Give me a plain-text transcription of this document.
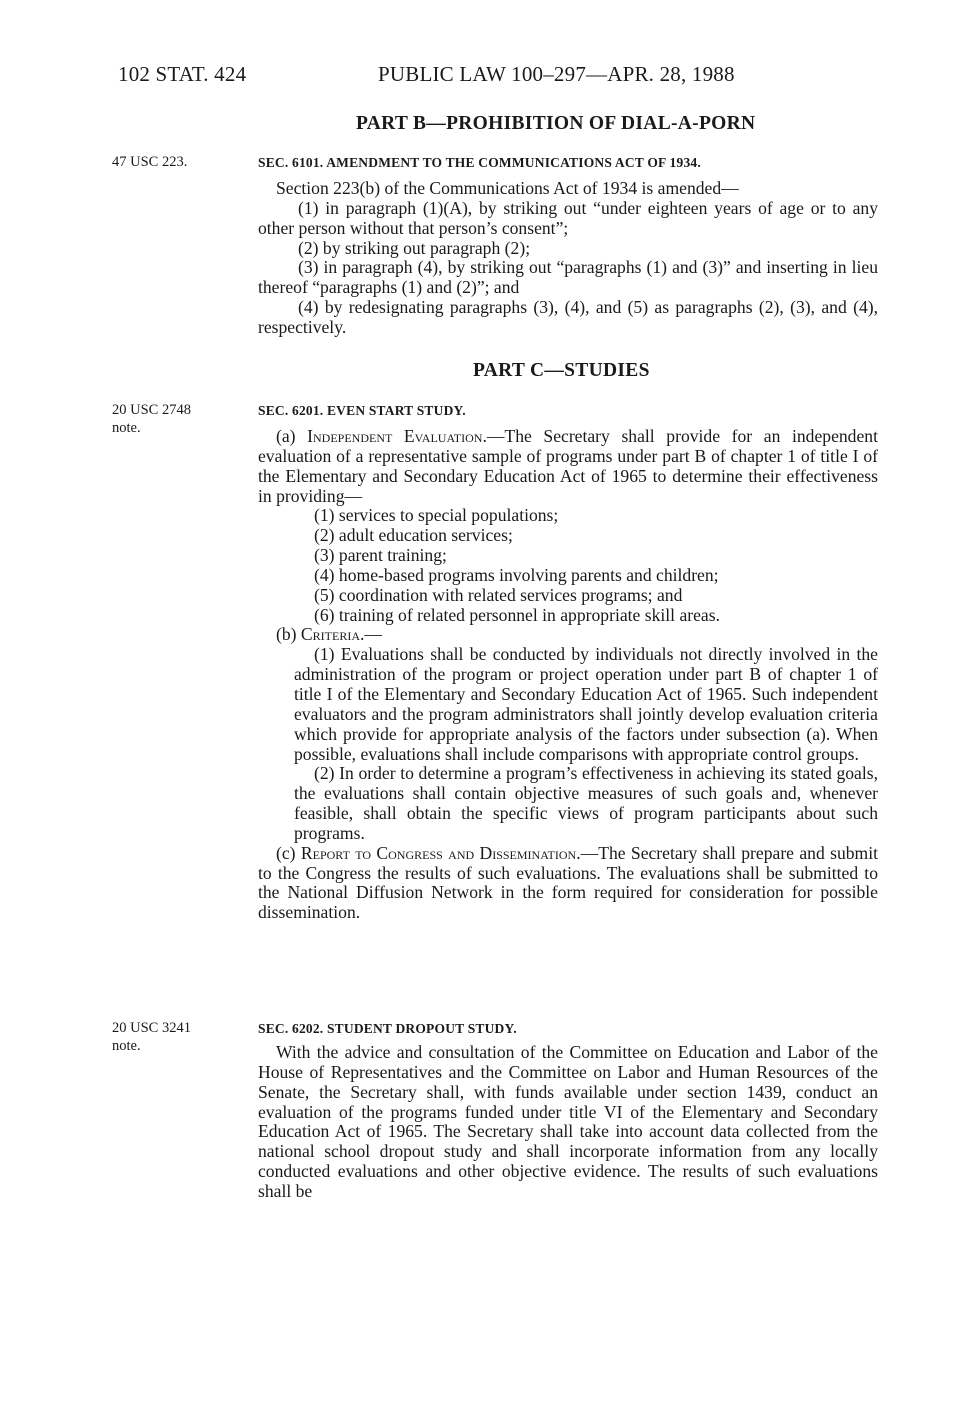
102 STAT. 424	PUBLIC LAW 100–297—APR. 28, 1988
PART B—PROHIBITION OF DIAL-A-PORN
47 USC 223.	SEC. 6101. AMENDMENT TO THE COMMUNICATIONS ACT OF 1934.

Section 223(b) of the Communications Act of 1934 is amended—

(1) in paragraph (1)(A), by striking out “under eighteen years of age or to any other person without that person’s consent”;

(2) by striking out paragraph (2);

(3) in paragraph (4), by striking out “paragraphs (1) and (3)” and inserting in lieu thereof “paragraphs (1) and (2)”; and

(4) by redesignating paragraphs (3), (4), and (5) as paragraphs (2), (3), and (4), respectively.

PART C—STUDIES
20 USC 2748
note.
SEC. 6201. EVEN START STUDY.

(a) Independent Evaluation.—The Secretary shall provide for an independent evaluation of a representative sample of programs under part B of chapter 1 of title I of the Elementary and Secondary Education Act of 1965 to determine their effectiveness in providing—

(1) services to special populations;

(2) adult education services;

(3) parent training;

(4) home-based programs involving parents and children;

(5) coordination with related services programs; and

(6) training of related personnel in appropriate skill areas.

(b) Criteria.—

(1) Evaluations shall be conducted by individuals not directly involved in the administration of the program or project operation under part B of chapter 1 of title I of the Elementary and Secondary Education Act of 1965. Such independent evaluators and the program administrators shall jointly develop evaluation criteria which provide for appropriate analysis of the factors under subsection (a). When possible, evaluations shall include comparisons with appropriate control groups.

(2) In order to determine a program’s effectiveness in achieving its stated goals, the evaluations shall contain objective measures of such goals and, whenever feasible, shall obtain the specific views of program participants about such programs.

(c) Report to Congress and Dissemination.—The Secretary shall prepare and submit to the Congress the results of such evaluations. The evaluations shall be submitted to the National Diffusion Network in the form required for consideration for possible dissemination.

20 USC 3241
note.
SEC. 6202. STUDENT DROPOUT STUDY.

With the advice and consultation of the Committee on Education and Labor of the House of Representatives and the Committee on Labor and Human Resources of the Senate, the Secretary shall, with funds available under section 1439, conduct an evaluation of the programs funded under title VI of the Elementary and Secondary Education Act of 1965. The Secretary shall take into account data collected from the national school dropout study and shall incorporate information from any locally conducted evaluations and other objective evidence. The results of such evaluations shall be
